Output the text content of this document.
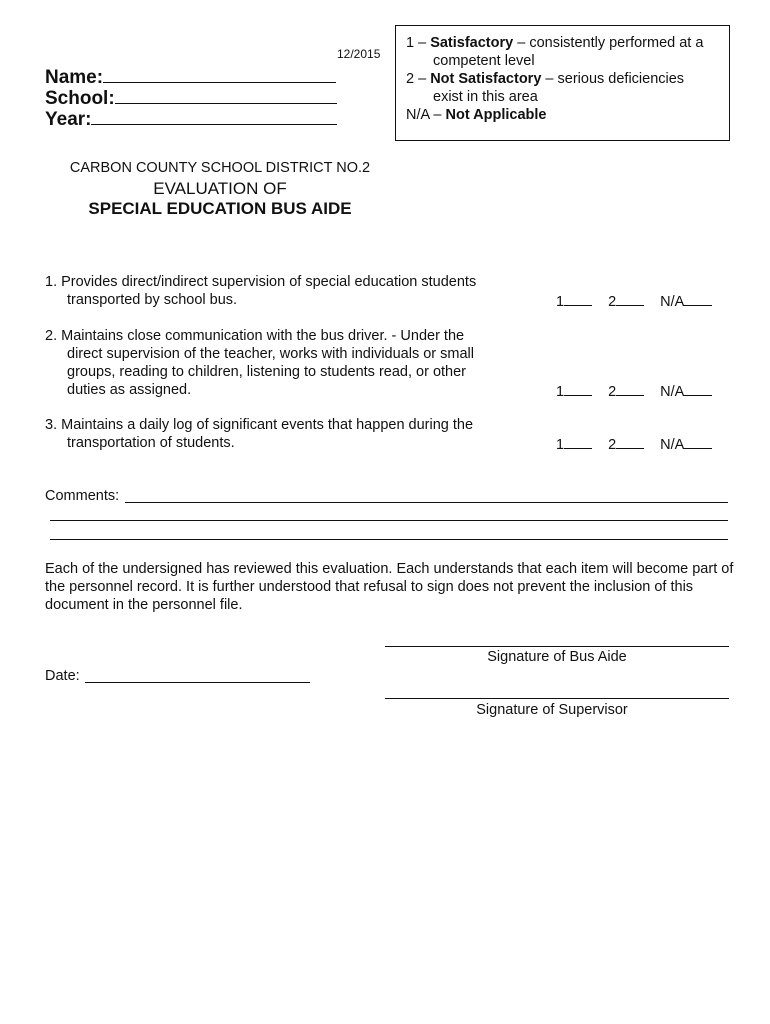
12/2015
Name:
School:
Year:
1 – Satisfactory – consistently performed at a
competent level
2 – Not Satisfactory – serious deficiencies
exist in this area
N/A – Not Applicable
CARBON COUNTY SCHOOL DISTRICT NO.2
EVALUATION OF
SPECIAL EDUCATION BUS AIDE
1. Provides direct/indirect supervision of special education students
transported by school bus.	1	2	N/A
2. Maintains close communication with the bus driver. - Under the
direct supervision of the teacher, works with individuals or small
groups, reading to children, listening to students read, or other
duties as assigned.	1	2	N/A
3. Maintains a daily log of significant events that happen during the
transportation of students.	1	2	N/A
Comments:
Each of the undersigned has reviewed this evaluation. Each understands that each item will become part of the personnel record. It is further understood that refusal to sign does not prevent the inclusion of this document in the personnel file.
Signature of Bus Aide
Date:
Signature of Supervisor
